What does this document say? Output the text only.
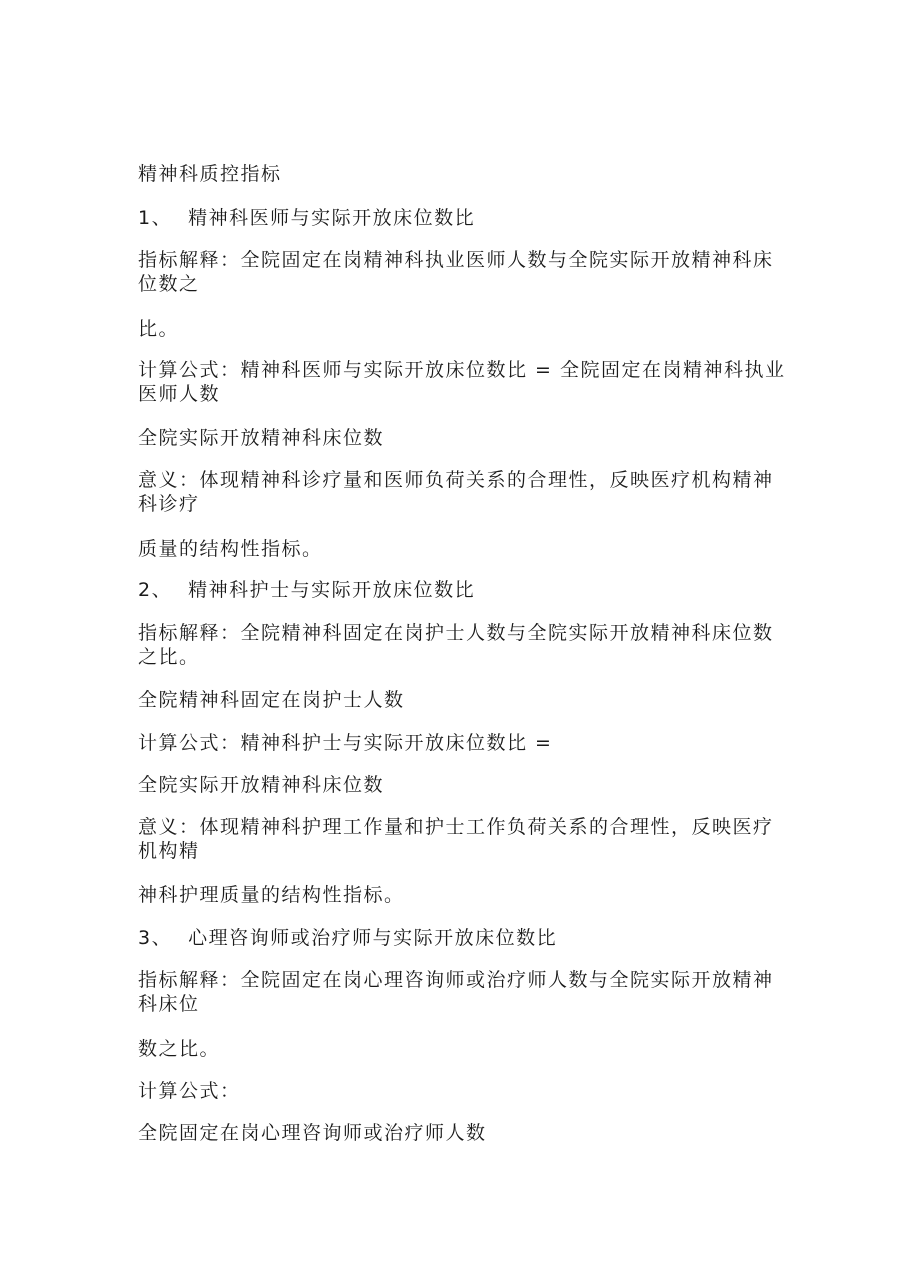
精神科质控指标

1、 精神科医师与实际开放床位数比

指标解释：全院固定在岗精神科执业医师人数与全院实际开放精神科床位数之

比。

计算公式：精神科医师与实际开放床位数比 = 全院固定在岗精神科执业医师人数

全院实际开放精神科床位数

意义：体现精神科诊疗量和医师负荷关系的合理性，反映医疗机构精神科诊疗

质量的结构性指标。

2、 精神科护士与实际开放床位数比

指标解释：全院精神科固定在岗护士人数与全院实际开放精神科床位数之比。

全院精神科固定在岗护士人数

计算公式：精神科护士与实际开放床位数比 =

全院实际开放精神科床位数

意义：体现精神科护理工作量和护士工作负荷关系的合理性，反映医疗机构精

神科护理质量的结构性指标。

3、 心理咨询师或治疗师与实际开放床位数比

指标解释：全院固定在岗心理咨询师或治疗师人数与全院实际开放精神科床位

数之比。

计算公式：

全院固定在岗心理咨询师或治疗师人数
